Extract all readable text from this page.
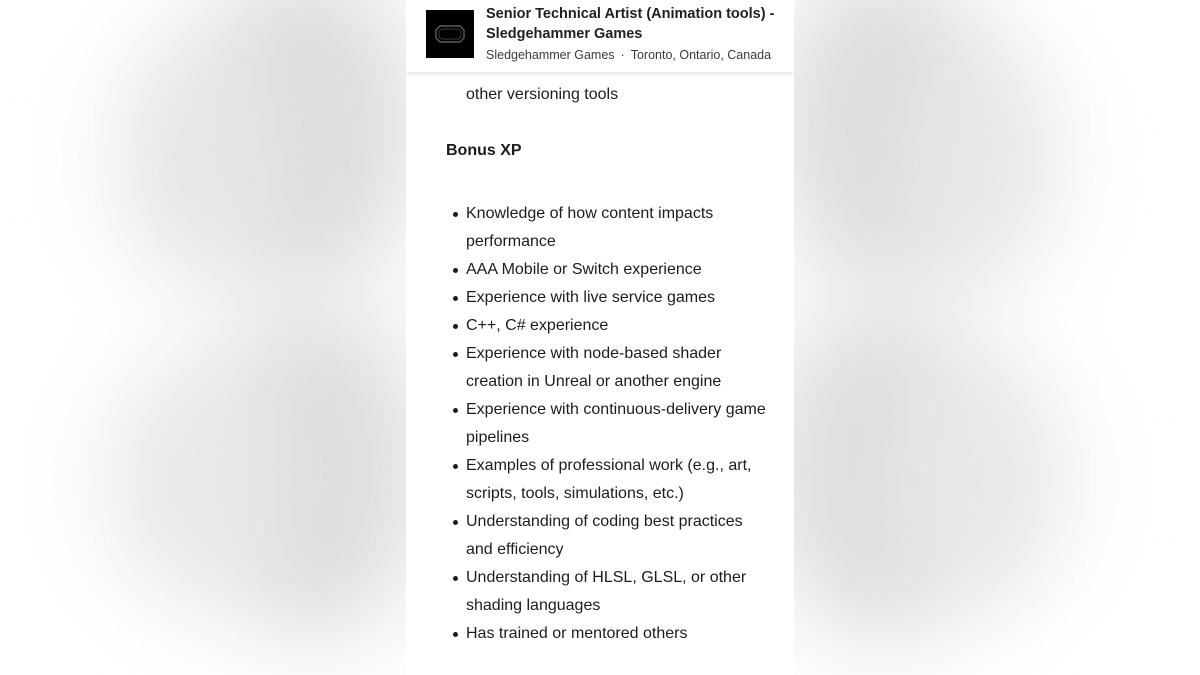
other versioning tools
Bonus XP
Knowledge of how content impacts performance
AAA Mobile or Switch experience
Experience with live service games
C++, C# experience
Experience with node-based shader creation in Unreal or another engine
Experience with continuous-delivery game pipelines
Examples of professional work (e.g., art, scripts, tools, simulations, etc.)
Understanding of coding best practices and efficiency
Understanding of HLSL, GLSL, or other shading languages
Has trained or mentored others
Senior Technical Artist (Animation tools) - Sledgehammer Games
Sledgehammer Games · Toronto, Ontario, Canada
